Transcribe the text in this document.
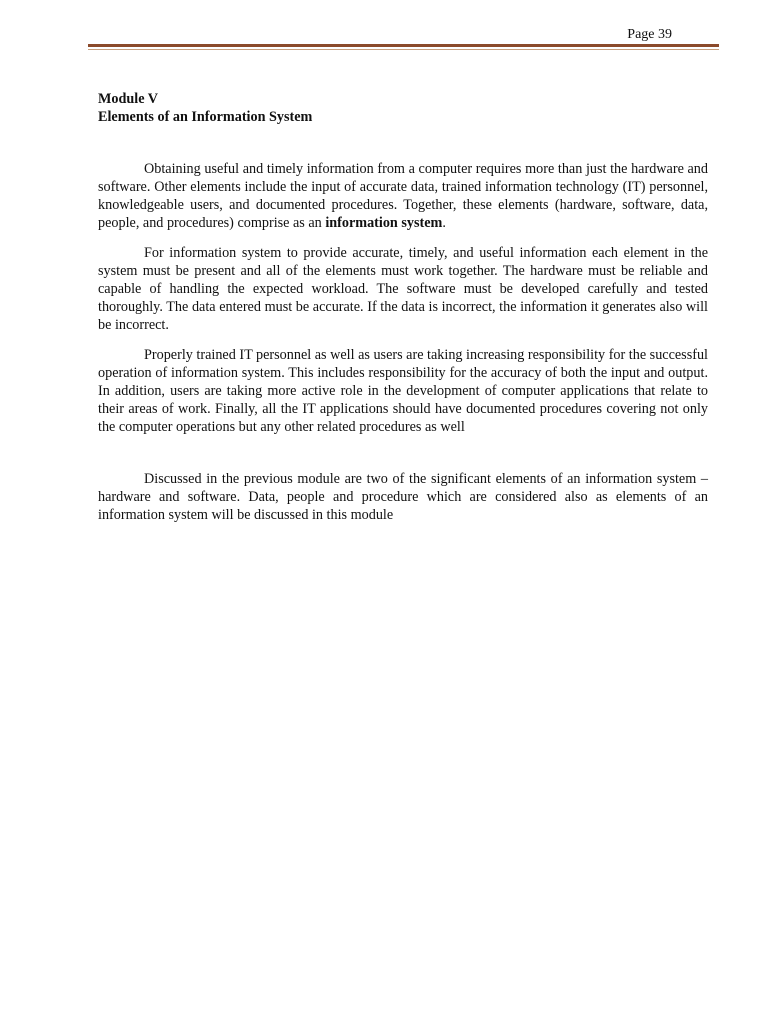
Page 39

Module V

Elements of an Information System

Obtaining useful and timely information from a computer requires more than just the hardware and software. Other elements include the input of accurate data, trained information technology (IT) personnel, knowledgeable users, and documented procedures. Together, these elements (hardware, software, data, people, and procedures) comprise as an information system.

For information system to provide accurate, timely, and useful information each element in the system must be present and all of the elements must work together. The hardware must be reliable and capable of handling the expected workload. The software must be developed carefully and tested thoroughly. The data entered must be accurate. If the data is incorrect, the information it generates also will be incorrect.

Properly trained IT personnel as well as users are taking increasing responsibility for the successful operation of information system. This includes responsibility for the accuracy of both the input and output. In addition, users are taking more active role in the development of computer applications that relate to their areas of work. Finally, all the IT applications should have documented procedures covering not only the computer operations but any other related procedures as well

Discussed in the previous module are two of the significant elements of an information system – hardware and software. Data, people and procedure which are considered also as elements of an information system will be discussed in this module
